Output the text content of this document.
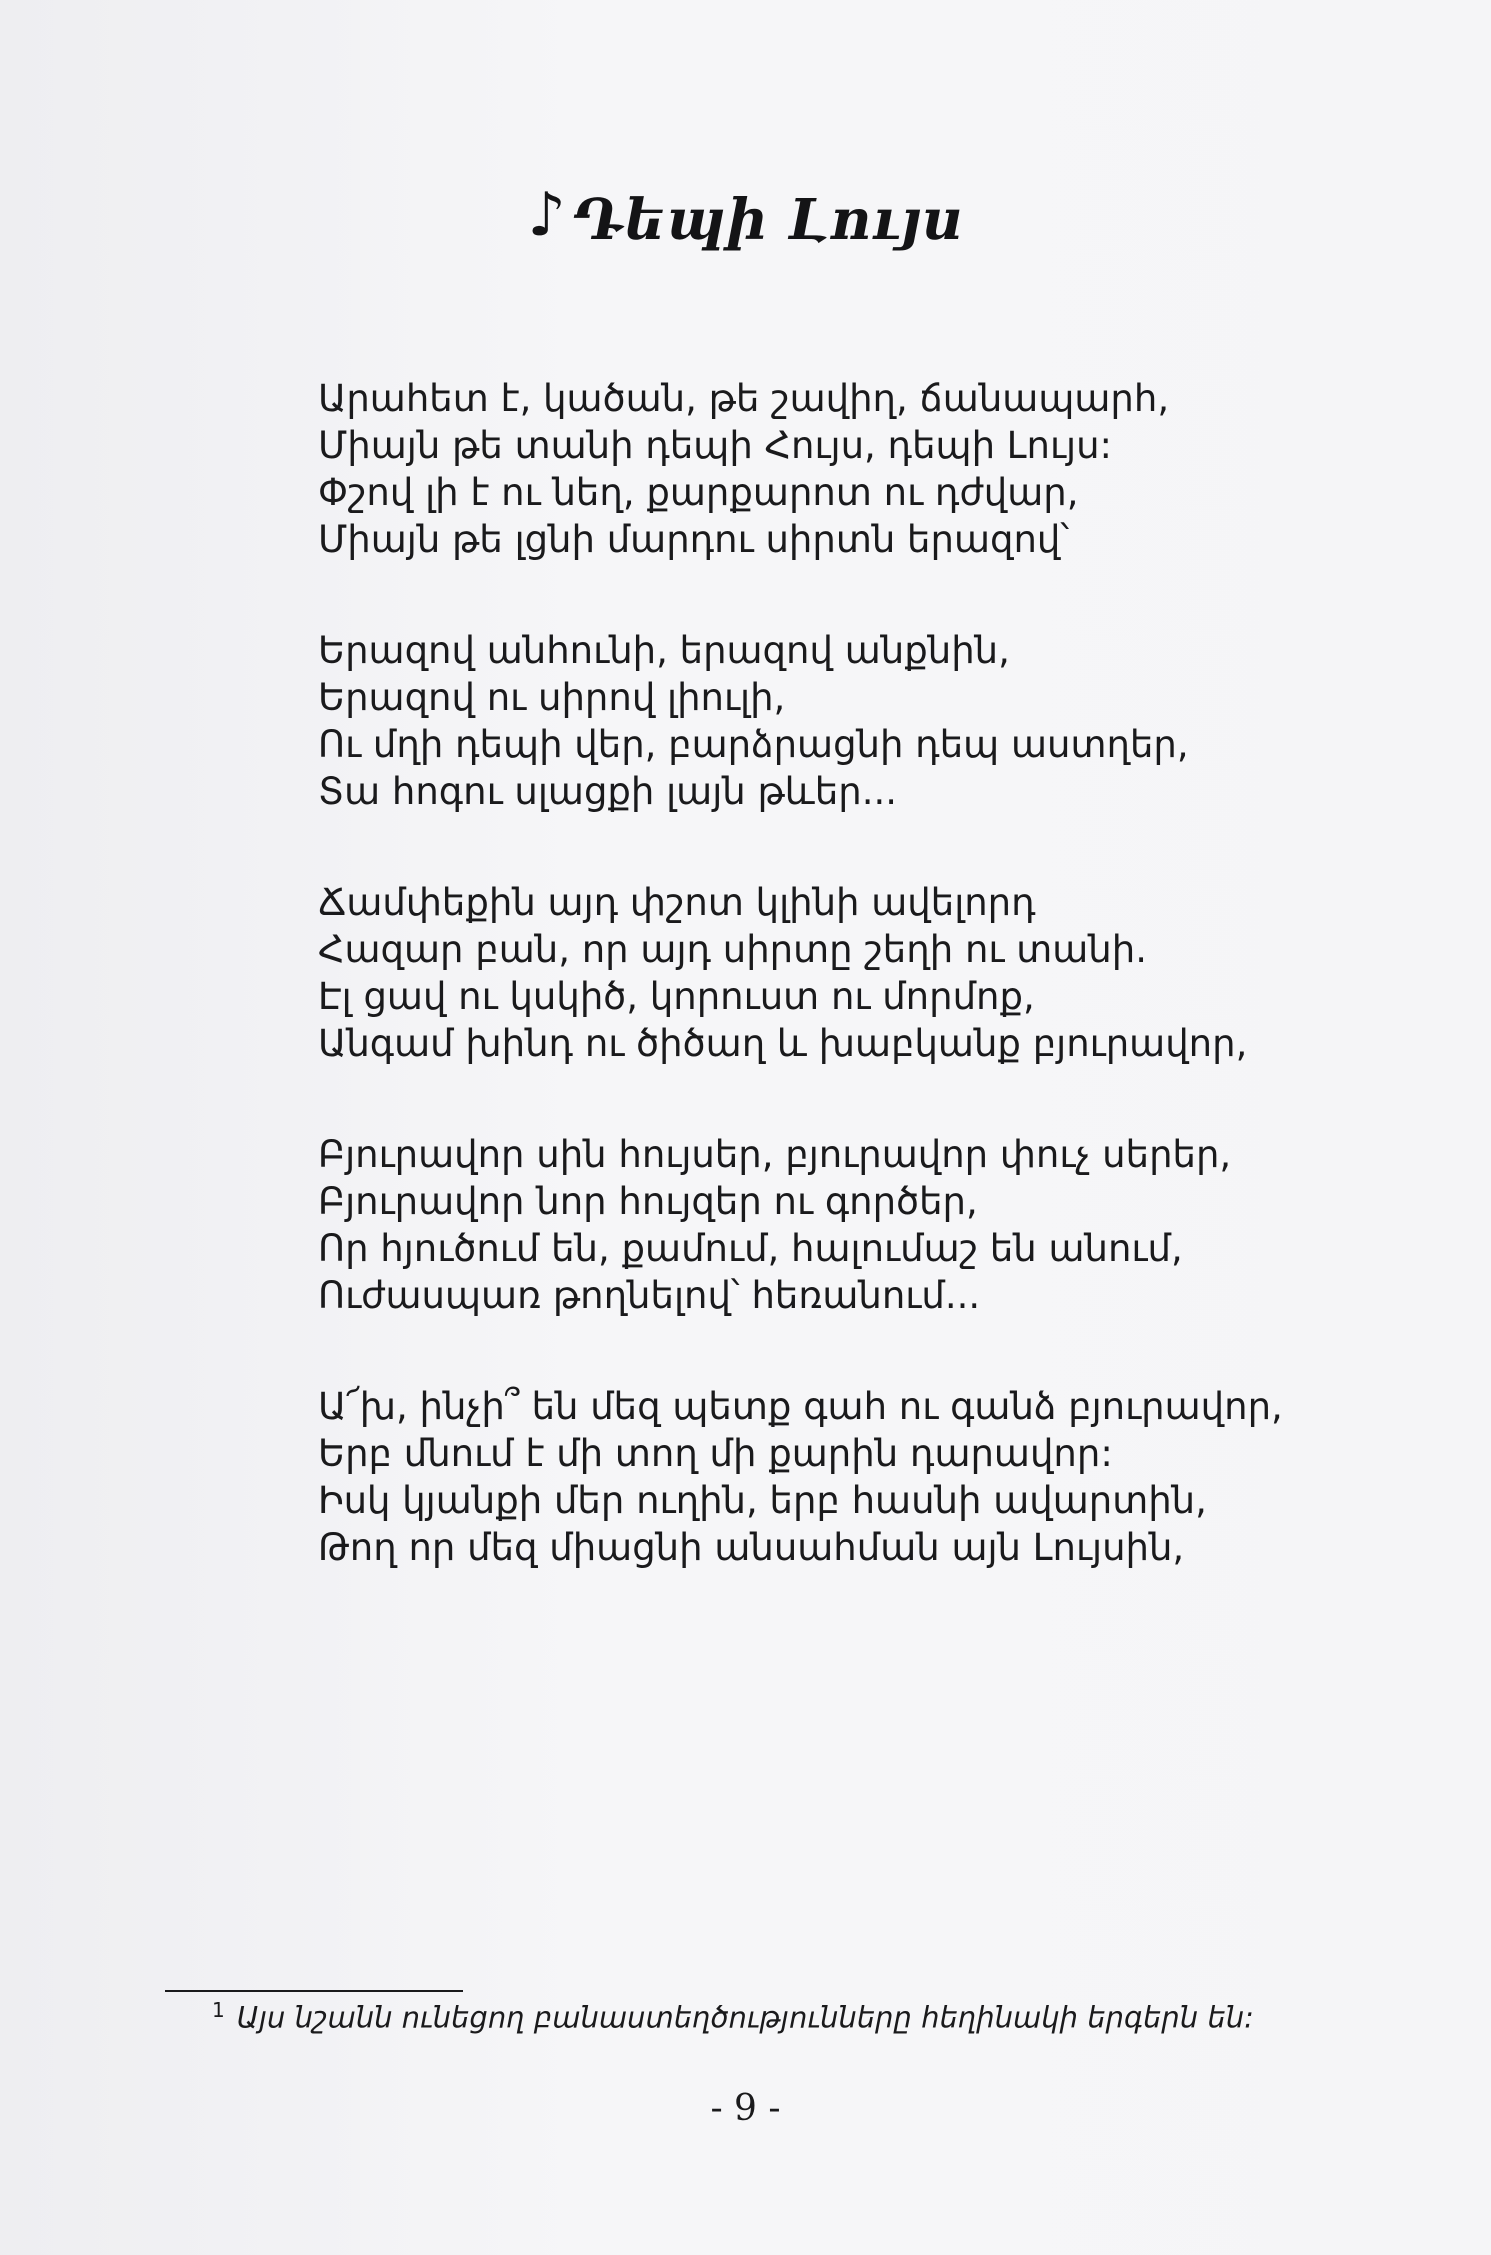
♪ Դեպի Լույս
Արահետ է, կածան, թե շավիղ, ճանապարհ,
Միայն թե տանի դեպի Հույս, դեպի Լույս:
Փշով լի է ու նեղ, քարքարոտ ու դժվար,
Միայն թե լցնի մարդու սիրտն երազով՝
Երազով անհունի, երազով անքնին,
Երազով ու սիրով լիուլի,
Ու մղի դեպի վեր, բարձրացնի դեպ աստղեր,
Տա հոգու սլացքի լայն թևեր...
Ճամփեքին այդ փշոտ կլինի ավելորդ
Հազար բան, որ այդ սիրտը շեղի ու տանի.
Էլ ցավ ու կսկիծ, կորուստ ու մորմոք,
Անգամ խինդ ու ծիծաղ և խաբկանք բյուրավոր,
Բյուրավոր սին հույսեր, բյուրավոր փուչ սերեր,
Բյուրավոր նոր հույզեր ու գործեր,
Որ հյուծում են, քամում, հալումաշ են անում,
Ուժասպառ թողնելով՝ հեռանում...
Ա՜խ, ինչի՞ են մեզ պետք գահ ու գանձ բյուրավոր,
Երբ մնում է մի տող մի քարին դարավոր:
Իսկ կյանքի մեր ուղին, երբ հասնի ավարտին,
Թող որ մեզ միացնի անսահման այն Լույսին,
$^1$ Այս նշանն ունեցող բանաստեղծությունները հեղինակի երգերն են:
- 9 -
